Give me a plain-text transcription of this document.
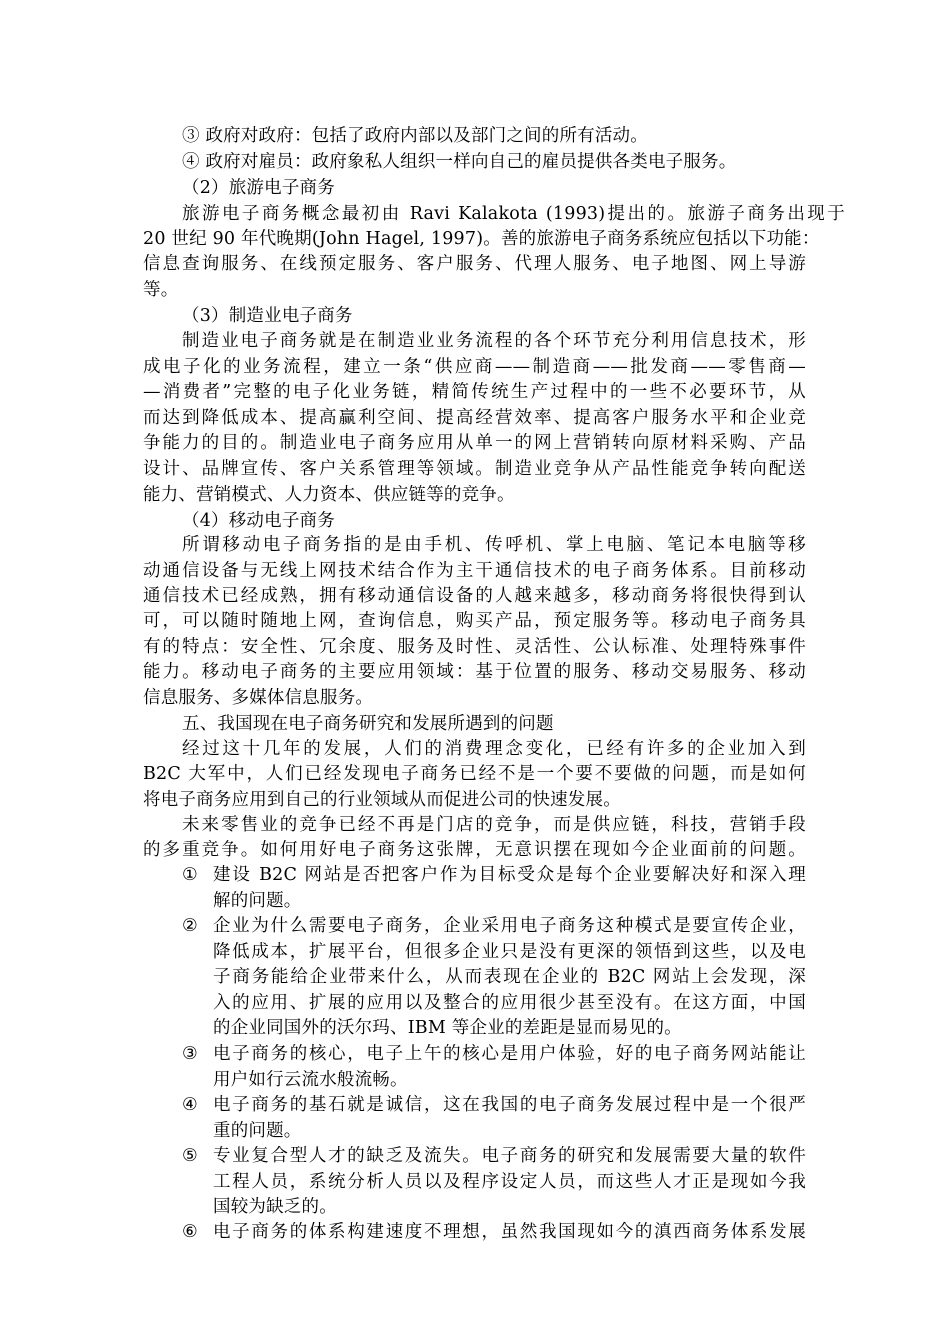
③ 政府对政府：包括了政府内部以及部门之间的所有活动。
④ 政府对雇员：政府象私人组织一样向自己的雇员提供各类电子服务。
（2）旅游电子商务
旅游电子商务概念最初由 Ravi Kalakota (1993)提出的。旅游子商务出现于
20 世纪 90 年代晚期(John Hagel, 1997)。善的旅游电子商务系统应包括以下功能：
信息查询服务、在线预定服务、客户服务、代理人服务、电子地图、网上导游
等。
（3）制造业电子商务
制造业电子商务就是在制造业业务流程的各个环节充分利用信息技术，形
成电子化的业务流程，建立一条“供应商——制造商——批发商——零售商—
—消费者”完整的电子化业务链，精简传统生产过程中的一些不必要环节，从
而达到降低成本、提高赢利空间、提高经营效率、提高客户服务水平和企业竞
争能力的目的。制造业电子商务应用从单一的网上营销转向原材料采购、产品
设计、品牌宣传、客户关系管理等领域。制造业竞争从产品性能竞争转向配送
能力、营销模式、人力资本、供应链等的竞争。
（4）移动电子商务
所谓移动电子商务指的是由手机、传呼机、掌上电脑、笔记本电脑等移
动通信设备与无线上网技术结合作为主干通信技术的电子商务体系。目前移动
通信技术已经成熟，拥有移动通信设备的人越来越多，移动商务将很快得到认
可，可以随时随地上网，查询信息，购买产品，预定服务等。移动电子商务具
有的特点：安全性、冗余度、服务及时性、灵活性、公认标准、处理特殊事件
能力。移动电子商务的主要应用领域：基于位置的服务、移动交易服务、移动
信息服务、多媒体信息服务。
五、我国现在电子商务研究和发展所遇到的问题
经过这十几年的发展，人们的消费理念变化，已经有许多的企业加入到
B2C 大军中，人们已经发现电子商务已经不是一个要不要做的问题，而是如何
将电子商务应用到自己的行业领域从而促进公司的快速发展。
未来零售业的竞争已经不再是门店的竞争，而是供应链，科技，营销手段
的多重竞争。如何用好电子商务这张牌，无意识摆在现如今企业面前的问题。
① 建设 B2C 网站是否把客户作为目标受众是每个企业要解决好和深入理
解的问题。
② 企业为什么需要电子商务，企业采用电子商务这种模式是要宣传企业，
降低成本，扩展平台，但很多企业只是没有更深的领悟到这些，以及电
子商务能给企业带来什么，从而表现在企业的 B2C 网站上会发现，深
入的应用、扩展的应用以及整合的应用很少甚至没有。在这方面，中国
的企业同国外的沃尔玛、IBM 等企业的差距是显而易见的。
③ 电子商务的核心，电子上午的核心是用户体验，好的电子商务网站能让
用户如行云流水般流畅。
④ 电子商务的基石就是诚信，这在我国的电子商务发展过程中是一个很严
重的问题。
⑤ 专业复合型人才的缺乏及流失。电子商务的研究和发展需要大量的软件
工程人员，系统分析人员以及程序设定人员，而这些人才正是现如今我
国较为缺乏的。
⑥ 电子商务的体系构建速度不理想，虽然我国现如今的滇西商务体系发展
